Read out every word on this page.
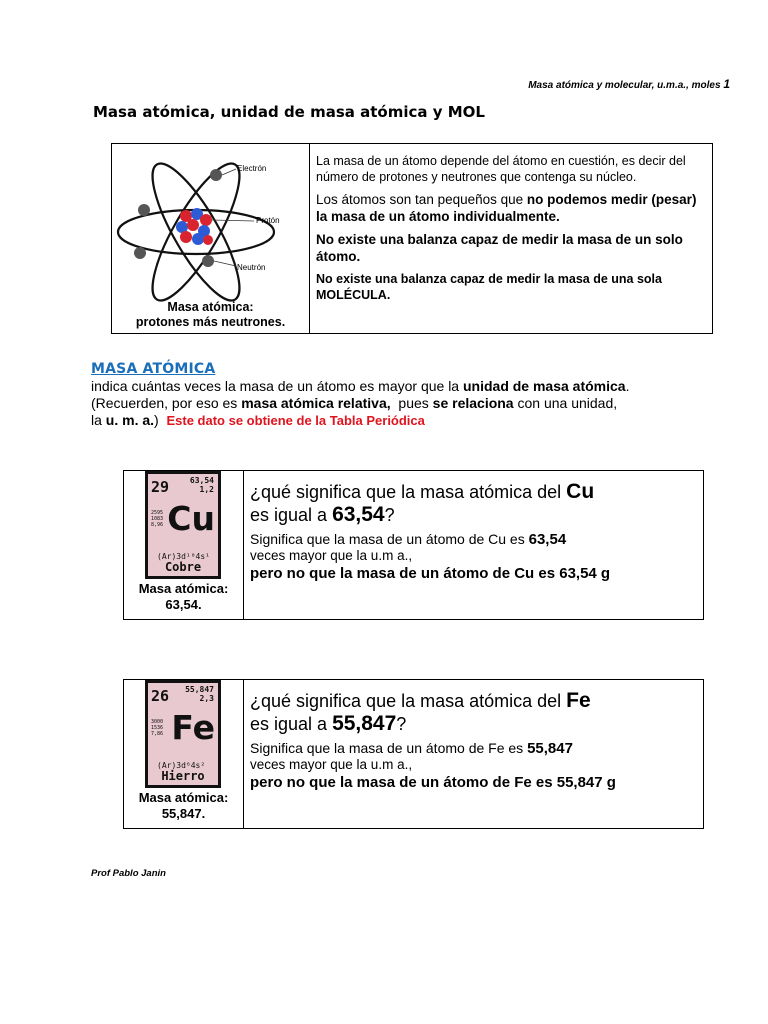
Masa atómica y molecular, u.m.a., moles 1
Masa atómica, unidad de masa atómica y MOL
Electrón
Protón
Neutrón
Masa atómica:
protones más neutrones.

La masa de un átomo depende del átomo en cuestión, es decir del número de protones y neutrones que contenga su núcleo.

Los átomos son tan pequeños que no podemos medir (pesar) la masa de un átomo individualmente.

No existe una balanza capaz de medir la masa de un solo átomo.

No existe una balanza capaz de medir la masa de una sola MOLÉCULA.

MASA ATÓMICA
indica cuántas veces la masa de un átomo es mayor que la unidad de masa atómica.
(Recuerden, por eso es masa atómica relativa,  pues se relaciona con una unidad,
la u. m. a.)  Este dato se obtiene de la Tabla Periódica
29	63,54
1,2
2595
1083
8,96 Cu
(Ar)3d¹⁰4s¹
Cobre
Masa atómica:
63,54.
¿qué significa que la masa atómica del Cu
es igual a 63,54?
Significa que la masa de un átomo de Cu es 63,54
veces mayor que la u.m a.,
pero no que la masa de un átomo de Cu es 63,54 g
26 55,847
2,3
3000
1536
7,86 Fe
(Ar)3d⁶4s²
Hierro
Masa atómica:
55,847.
¿qué significa que la masa atómica del Fe
es igual a 55,847?
Significa que la masa de un átomo de Fe es 55,847
veces mayor que la u.m a.,
pero no que la masa de un átomo de Fe es 55,847 g
Prof Pablo Janin
